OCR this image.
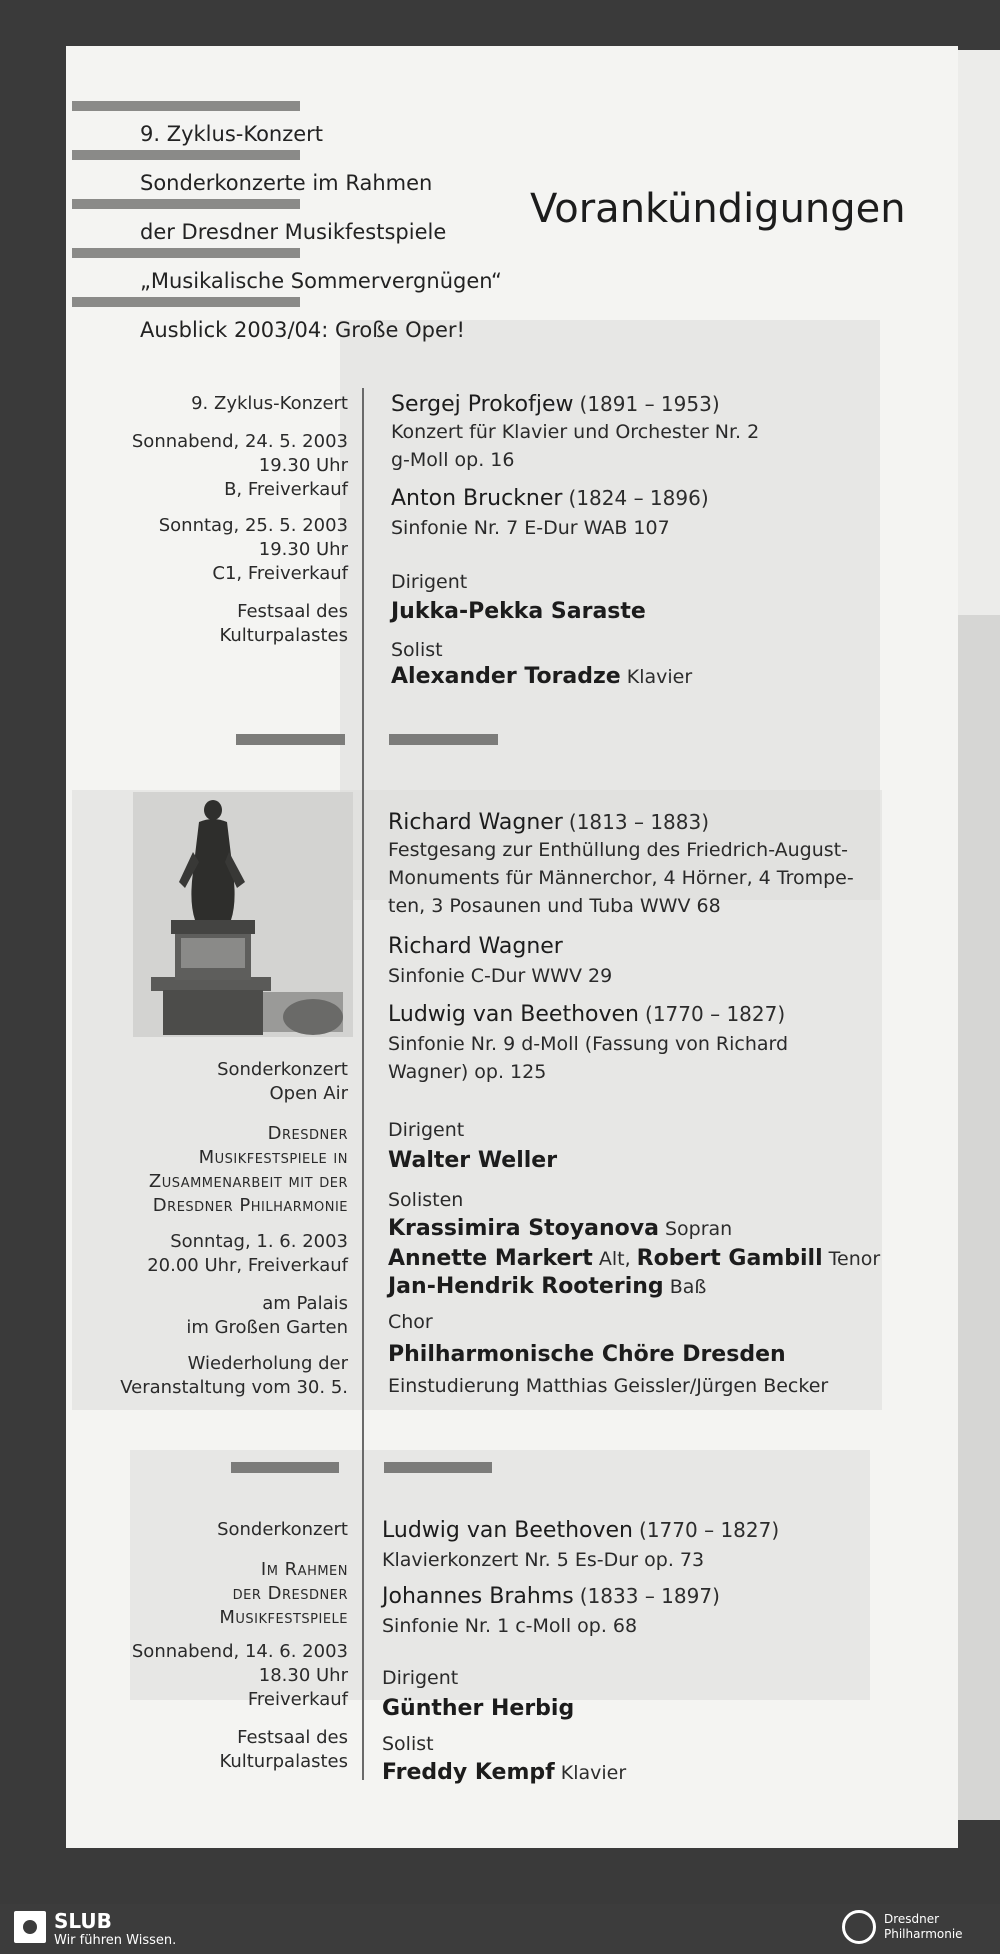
9. Zyklus-Konzert
Sonderkonzerte im Rahmen
der Dresdner Musikfestspiele
„Musikalische Sommervergnügen“
Ausblick 2003/04: Große Oper!
Vorankündigungen
9. Zyklus-Konzert
Sonnabend, 24. 5. 2003
19.30 Uhr
B, Freiverkauf
Sonntag, 25. 5. 2003
19.30 Uhr
C1, Freiverkauf
Festsaal des
Kulturpalastes
Sergej Prokofjew (1891 – 1953)
Konzert für Klavier und Orchester Nr. 2
g-Moll op. 16
Anton Bruckner (1824 – 1896)
Sinfonie Nr. 7 E-Dur WAB 107
Dirigent
Jukka-Pekka Saraste
Solist
Alexander Toradze Klavier
Sonderkonzert
Open Air
Dresdner
Musikfestspiele in
Zusammenarbeit mit der
Dresdner Philharmonie
Sonntag, 1. 6. 2003
20.00 Uhr, Freiverkauf
am Palais
im Großen Garten
Wiederholung der
Veranstaltung vom 30. 5.
Richard Wagner (1813 – 1883)
Festgesang zur Enthüllung des Friedrich-August-
Monuments für Männerchor, 4 Hörner, 4 Trompe-
ten, 3 Posaunen und Tuba WWV 68
Richard Wagner
Sinfonie C-Dur WWV 29
Ludwig van Beethoven (1770 – 1827)
Sinfonie Nr. 9 d-Moll (Fassung von Richard
Wagner) op. 125
Dirigent
Walter Weller
Solisten
Krassimira Stoyanova Sopran
Annette Markert Alt, Robert Gambill Tenor
Jan-Hendrik Rootering Baß
Chor
Philharmonische Chöre Dresden
Einstudierung Matthias Geissler/Jürgen Becker
Sonderkonzert
Im Rahmen
der Dresdner
Musikfestspiele
Sonnabend, 14. 6. 2003
18.30 Uhr
Freiverkauf
Festsaal des
Kulturpalastes
Ludwig van Beethoven (1770 – 1827)
Klavierkonzert Nr. 5 Es-Dur op. 73
Johannes Brahms (1833 – 1897)
Sinfonie Nr. 1 c-Moll op. 68
Dirigent
Günther Herbig
Solist
Freddy Kempf Klavier
SLUB
Wir führen Wissen.
Dresdner
Philharmonie
